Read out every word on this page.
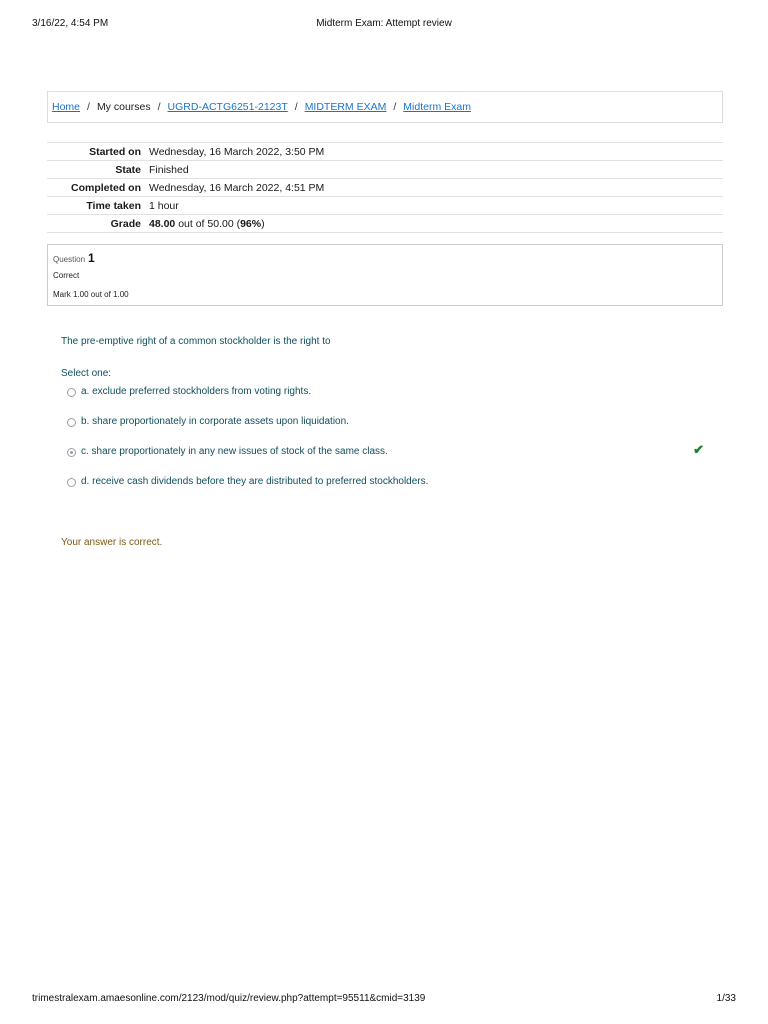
3/16/22, 4:54 PM	Midterm Exam: Attempt review
Home / My courses / UGRD-ACTG6251-2123T / MIDTERM EXAM / Midterm Exam
Started on	Wednesday, 16 March 2022, 3:50 PM
State	Finished
Completed on	Wednesday, 16 March 2022, 4:51 PM
Time taken	1 hour
Grade	48.00 out of 50.00 (96%)
Question 1
Correct
Mark 1.00 out of 1.00
The pre-emptive right of a common stockholder is the right to
Select one:
a. exclude preferred stockholders from voting rights.
b. share proportionately in corporate assets upon liquidation.
c. share proportionately in any new issues of stock of the same class.	✔
d. receive cash dividends before they are distributed to preferred stockholders.
Your answer is correct.
trimestralexam.amaesonline.com/2123/mod/quiz/review.php?attempt=95511&cmid=3139	1/33
